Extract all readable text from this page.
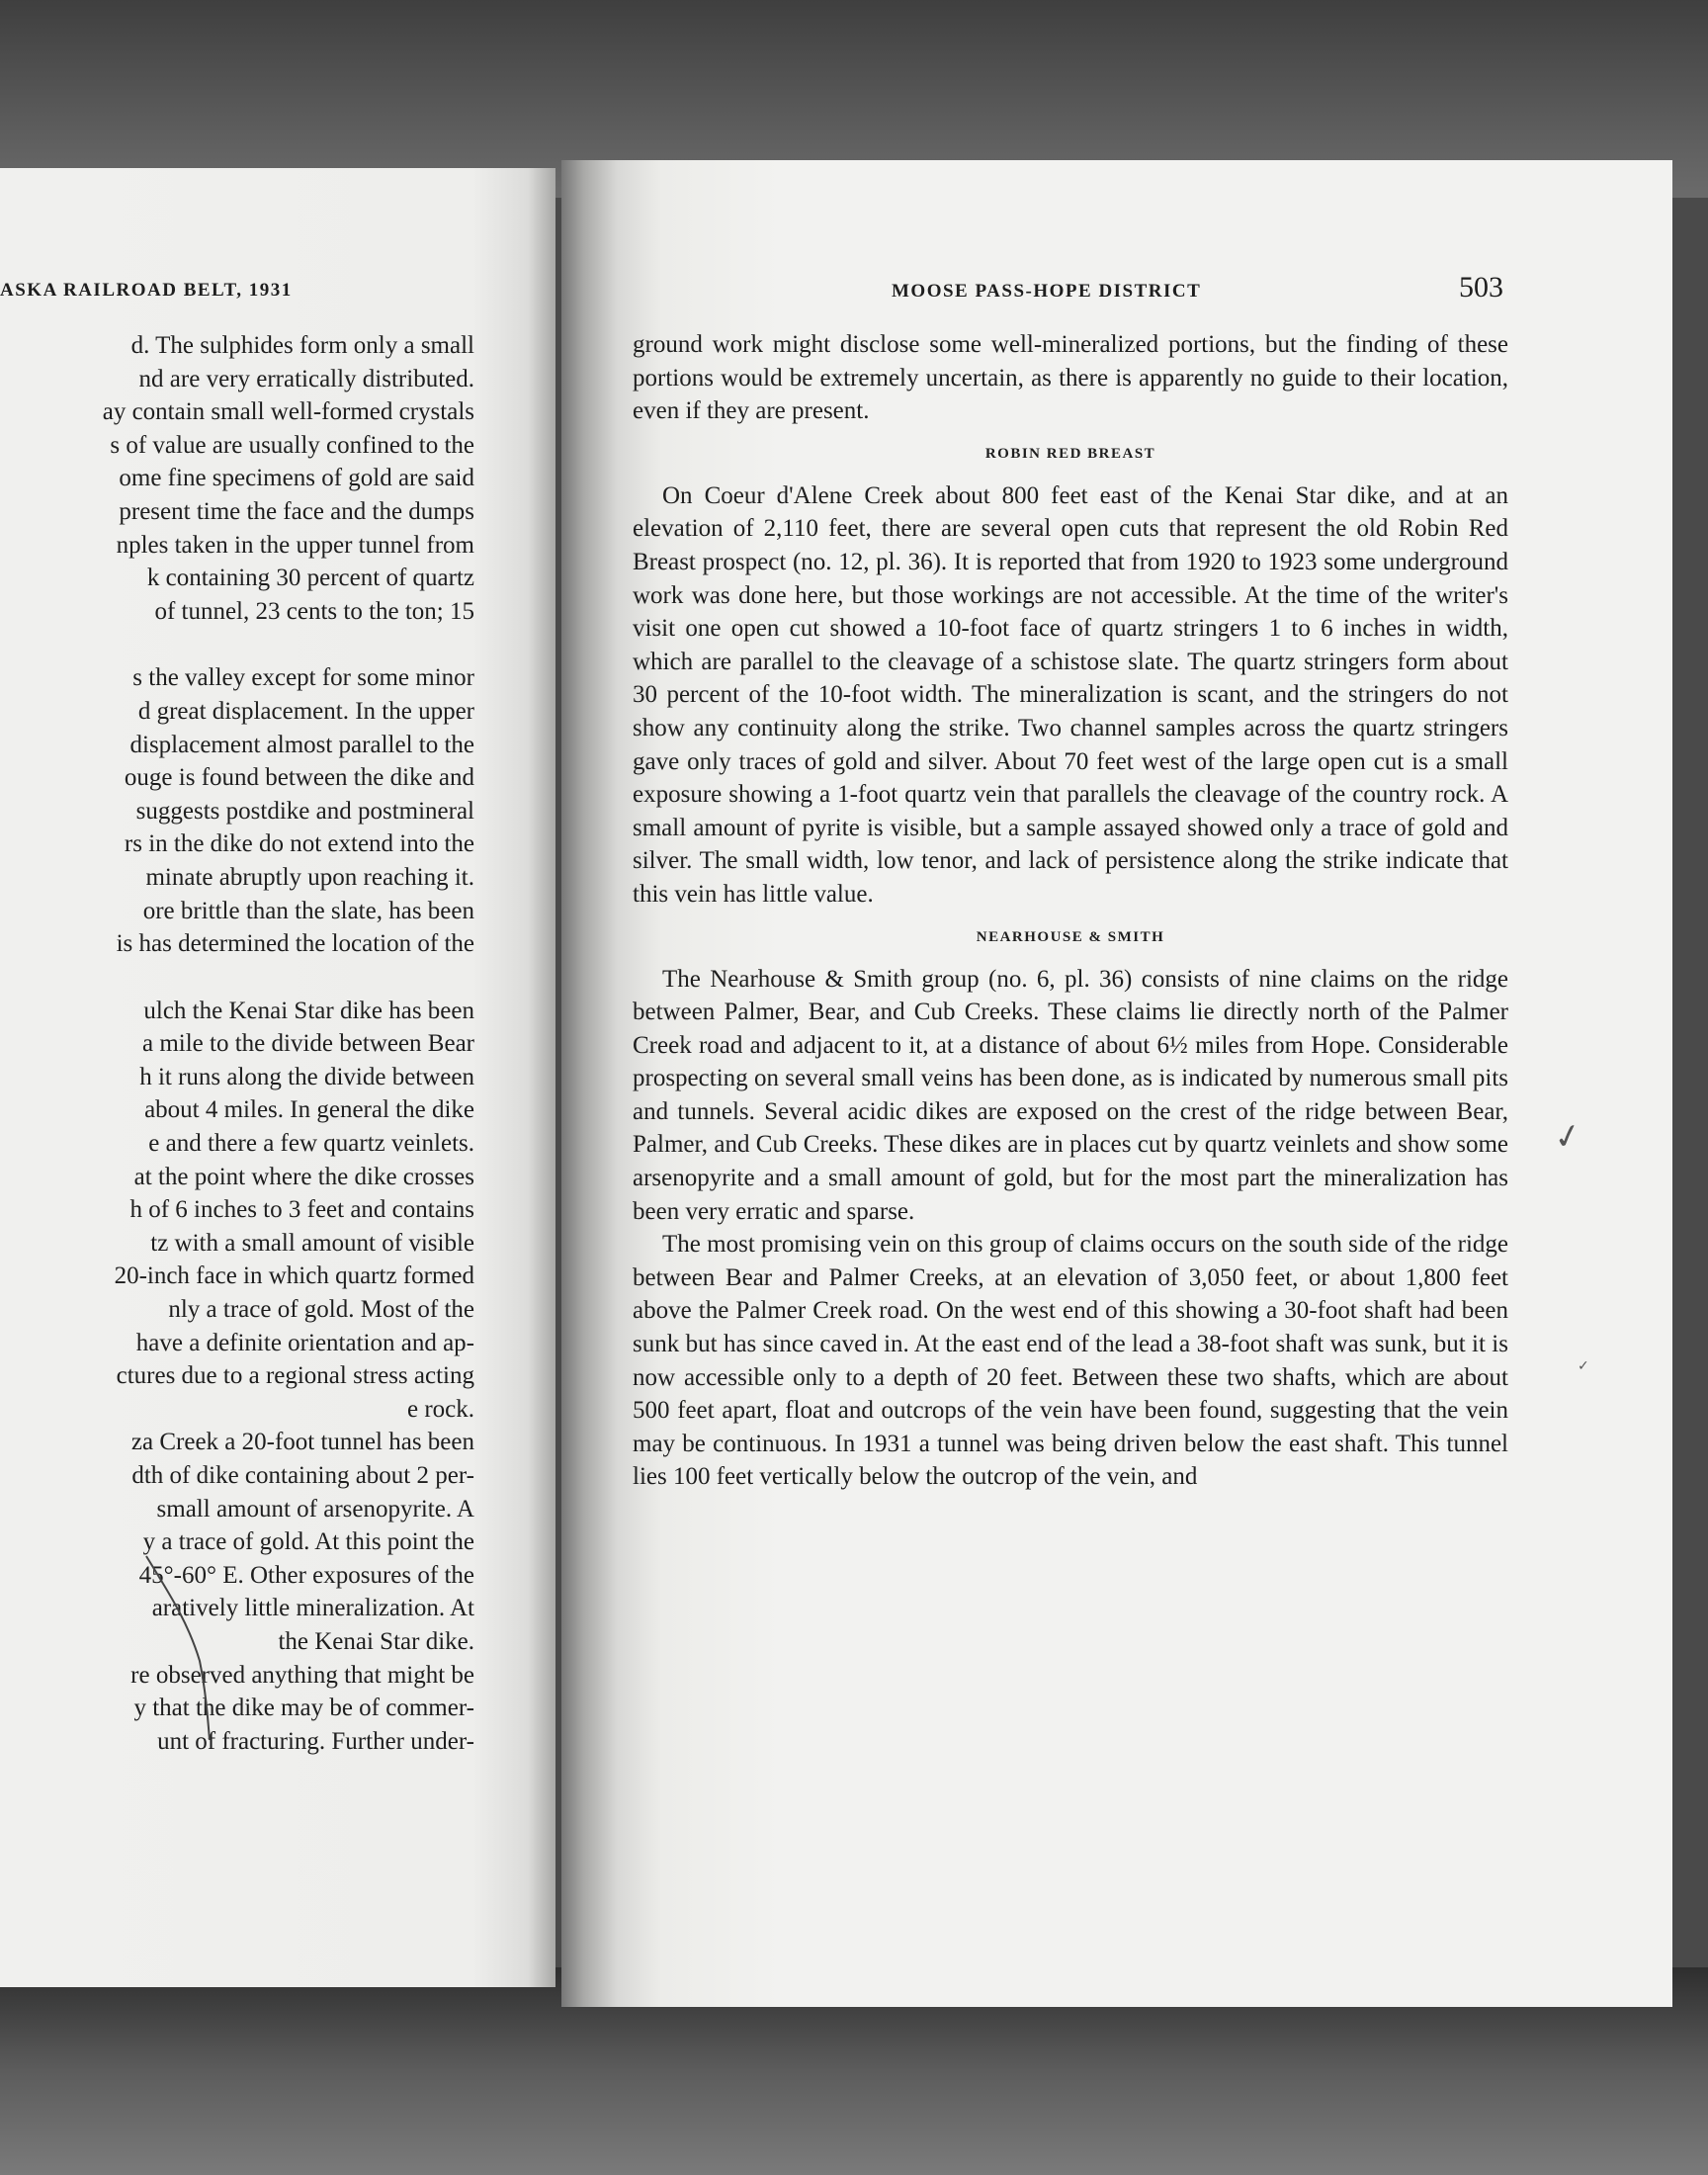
ASKA RAILROAD BELT, 1931
d. The sulphides form only a small
nd are very erratically distributed.
ay contain small well-formed crystals
s of value are usually confined to the
ome fine specimens of gold are said
present time the face and the dumps
nples taken in the upper tunnel from
k containing 30 percent of quartz
of tunnel, 23 cents to the ton; 15
s the valley except for some minor
d great displacement. In the upper
displacement almost parallel to the
ouge is found between the dike and
suggests postdike and postmineral
rs in the dike do not extend into the
minate abruptly upon reaching it.
ore brittle than the slate, has been
is has determined the location of the
ulch the Kenai Star dike has been
a mile to the divide between Bear
h it runs along the divide between
about 4 miles. In general the dike
e and there a few quartz veinlets.
at the point where the dike crosses
h of 6 inches to 3 feet and contains
tz with a small amount of visible
20-inch face in which quartz formed
nly a trace of gold. Most of the
have a definite orientation and ap-
ctures due to a regional stress acting
e rock.
za Creek a 20-foot tunnel has been
dth of dike containing about 2 per-
small amount of arsenopyrite. A
y a trace of gold. At this point the
45°-60° E. Other exposures of the
aratively little mineralization. At
the Kenai Star dike.
re observed anything that might be
y that the dike may be of commer-
unt of fracturing. Further under-
MOOSE PASS-HOPE DISTRICT	503

ground work might disclose some well-mineralized portions, but the finding of these portions would be extremely uncertain, as there is apparently no guide to their location, even if they are present.

ROBIN RED BREAST

On Coeur d'Alene Creek about 800 feet east of the Kenai Star dike, and at an elevation of 2,110 feet, there are several open cuts that represent the old Robin Red Breast prospect (no. 12, pl. 36). It is reported that from 1920 to 1923 some underground work was done here, but those workings are not accessible. At the time of the writer's visit one open cut showed a 10-foot face of quartz stringers 1 to 6 inches in width, which are parallel to the cleavage of a schistose slate. The quartz stringers form about 30 percent of the 10-foot width. The mineralization is scant, and the stringers do not show any continuity along the strike. Two channel samples across the quartz stringers gave only traces of gold and silver. About 70 feet west of the large open cut is a small exposure showing a 1-foot quartz vein that parallels the cleavage of the country rock. A small amount of pyrite is visible, but a sample assayed showed only a trace of gold and silver. The small width, low tenor, and lack of persistence along the strike indicate that this vein has little value.

NEARHOUSE & SMITH

The Nearhouse & Smith group (no. 6, pl. 36) consists of nine claims on the ridge between Palmer, Bear, and Cub Creeks. These claims lie directly north of the Palmer Creek road and adjacent to it, at a distance of about 6½ miles from Hope. Considerable prospecting on several small veins has been done, as is indicated by numerous small pits and tunnels. Several acidic dikes are exposed on the crest of the ridge between Bear, Palmer, and Cub Creeks. These dikes are in places cut by quartz veinlets and show some arsenopyrite and a small amount of gold, but for the most part the mineralization has been very erratic and sparse.

The most promising vein on this group of claims occurs on the south side of the ridge between Bear and Palmer Creeks, at an elevation of 3,050 feet, or about 1,800 feet above the Palmer Creek road. On the west end of this showing a 30-foot shaft had been sunk but has since caved in. At the east end of the lead a 38-foot shaft was sunk, but it is now accessible only to a depth of 20 feet. Between these two shafts, which are about 500 feet apart, float and outcrops of the vein have been found, suggesting that the vein may be continuous. In 1931 a tunnel was being driven below the east shaft. This tunnel lies 100 feet vertically below the outcrop of the vein, and

✓
✓
